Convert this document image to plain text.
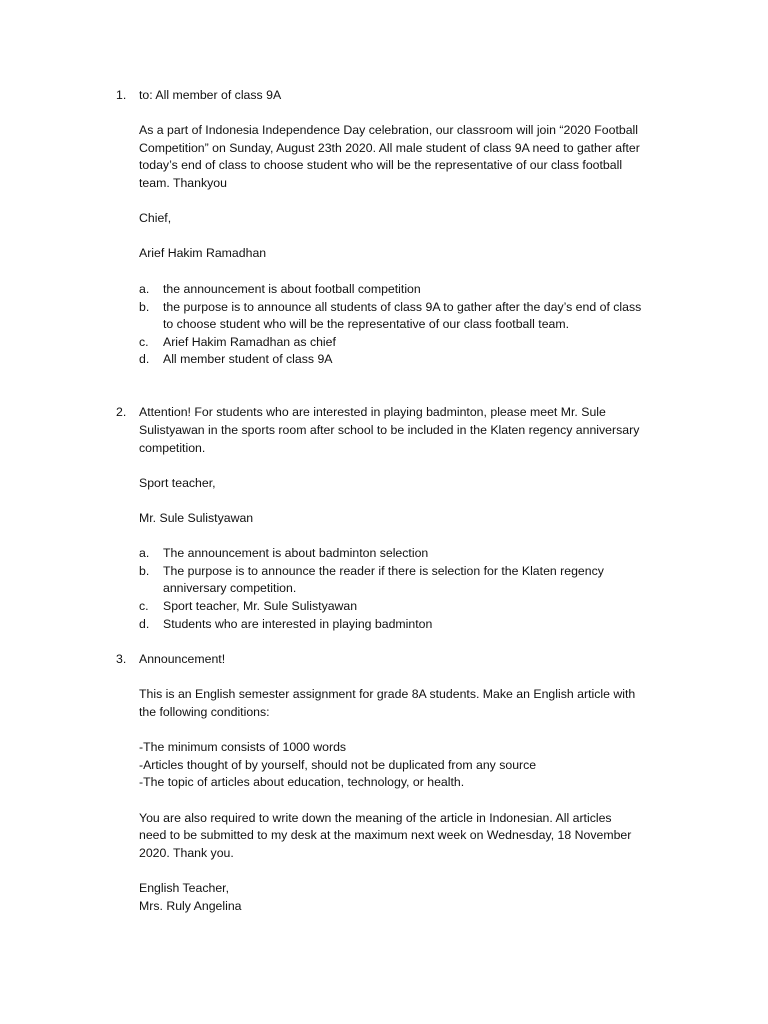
1. to: All member of class 9A
As a part of Indonesia Independence Day celebration, our classroom will join “2020 Football
Competition” on Sunday, August 23th 2020. All male student of class 9A need to gather after
today’s end of class to choose student who will be the representative of our class football
team. Thankyou
Chief,
Arief Hakim Ramadhan
a. the announcement is about football competition
b. the purpose is to announce all students of class 9A to gather after the day’s end of class
to choose student who will be the representative of our class football team.
c. Arief Hakim Ramadhan as chief
d. All member student of class 9A
2. Attention! For students who are interested in playing badminton, please meet Mr. Sule
Sulistyawan in the sports room after school to be included in the Klaten regency anniversary
competition.
Sport teacher,
Mr. Sule Sulistyawan
a. The announcement is about badminton selection
b. The purpose is to announce the reader if there is selection for the Klaten regency
anniversary competition.
c. Sport teacher, Mr. Sule Sulistyawan
d. Students who are interested in playing badminton
3. Announcement!
This is an English semester assignment for grade 8A students. Make an English article with
the following conditions:
-The minimum consists of 1000 words
-Articles thought of by yourself, should not be duplicated from any source
-The topic of articles about education, technology, or health.
You are also required to write down the meaning of the article in Indonesian. All articles
need to be submitted to my desk at the maximum next week on Wednesday, 18 November
2020. Thank you.
English Teacher,
Mrs. Ruly Angelina
